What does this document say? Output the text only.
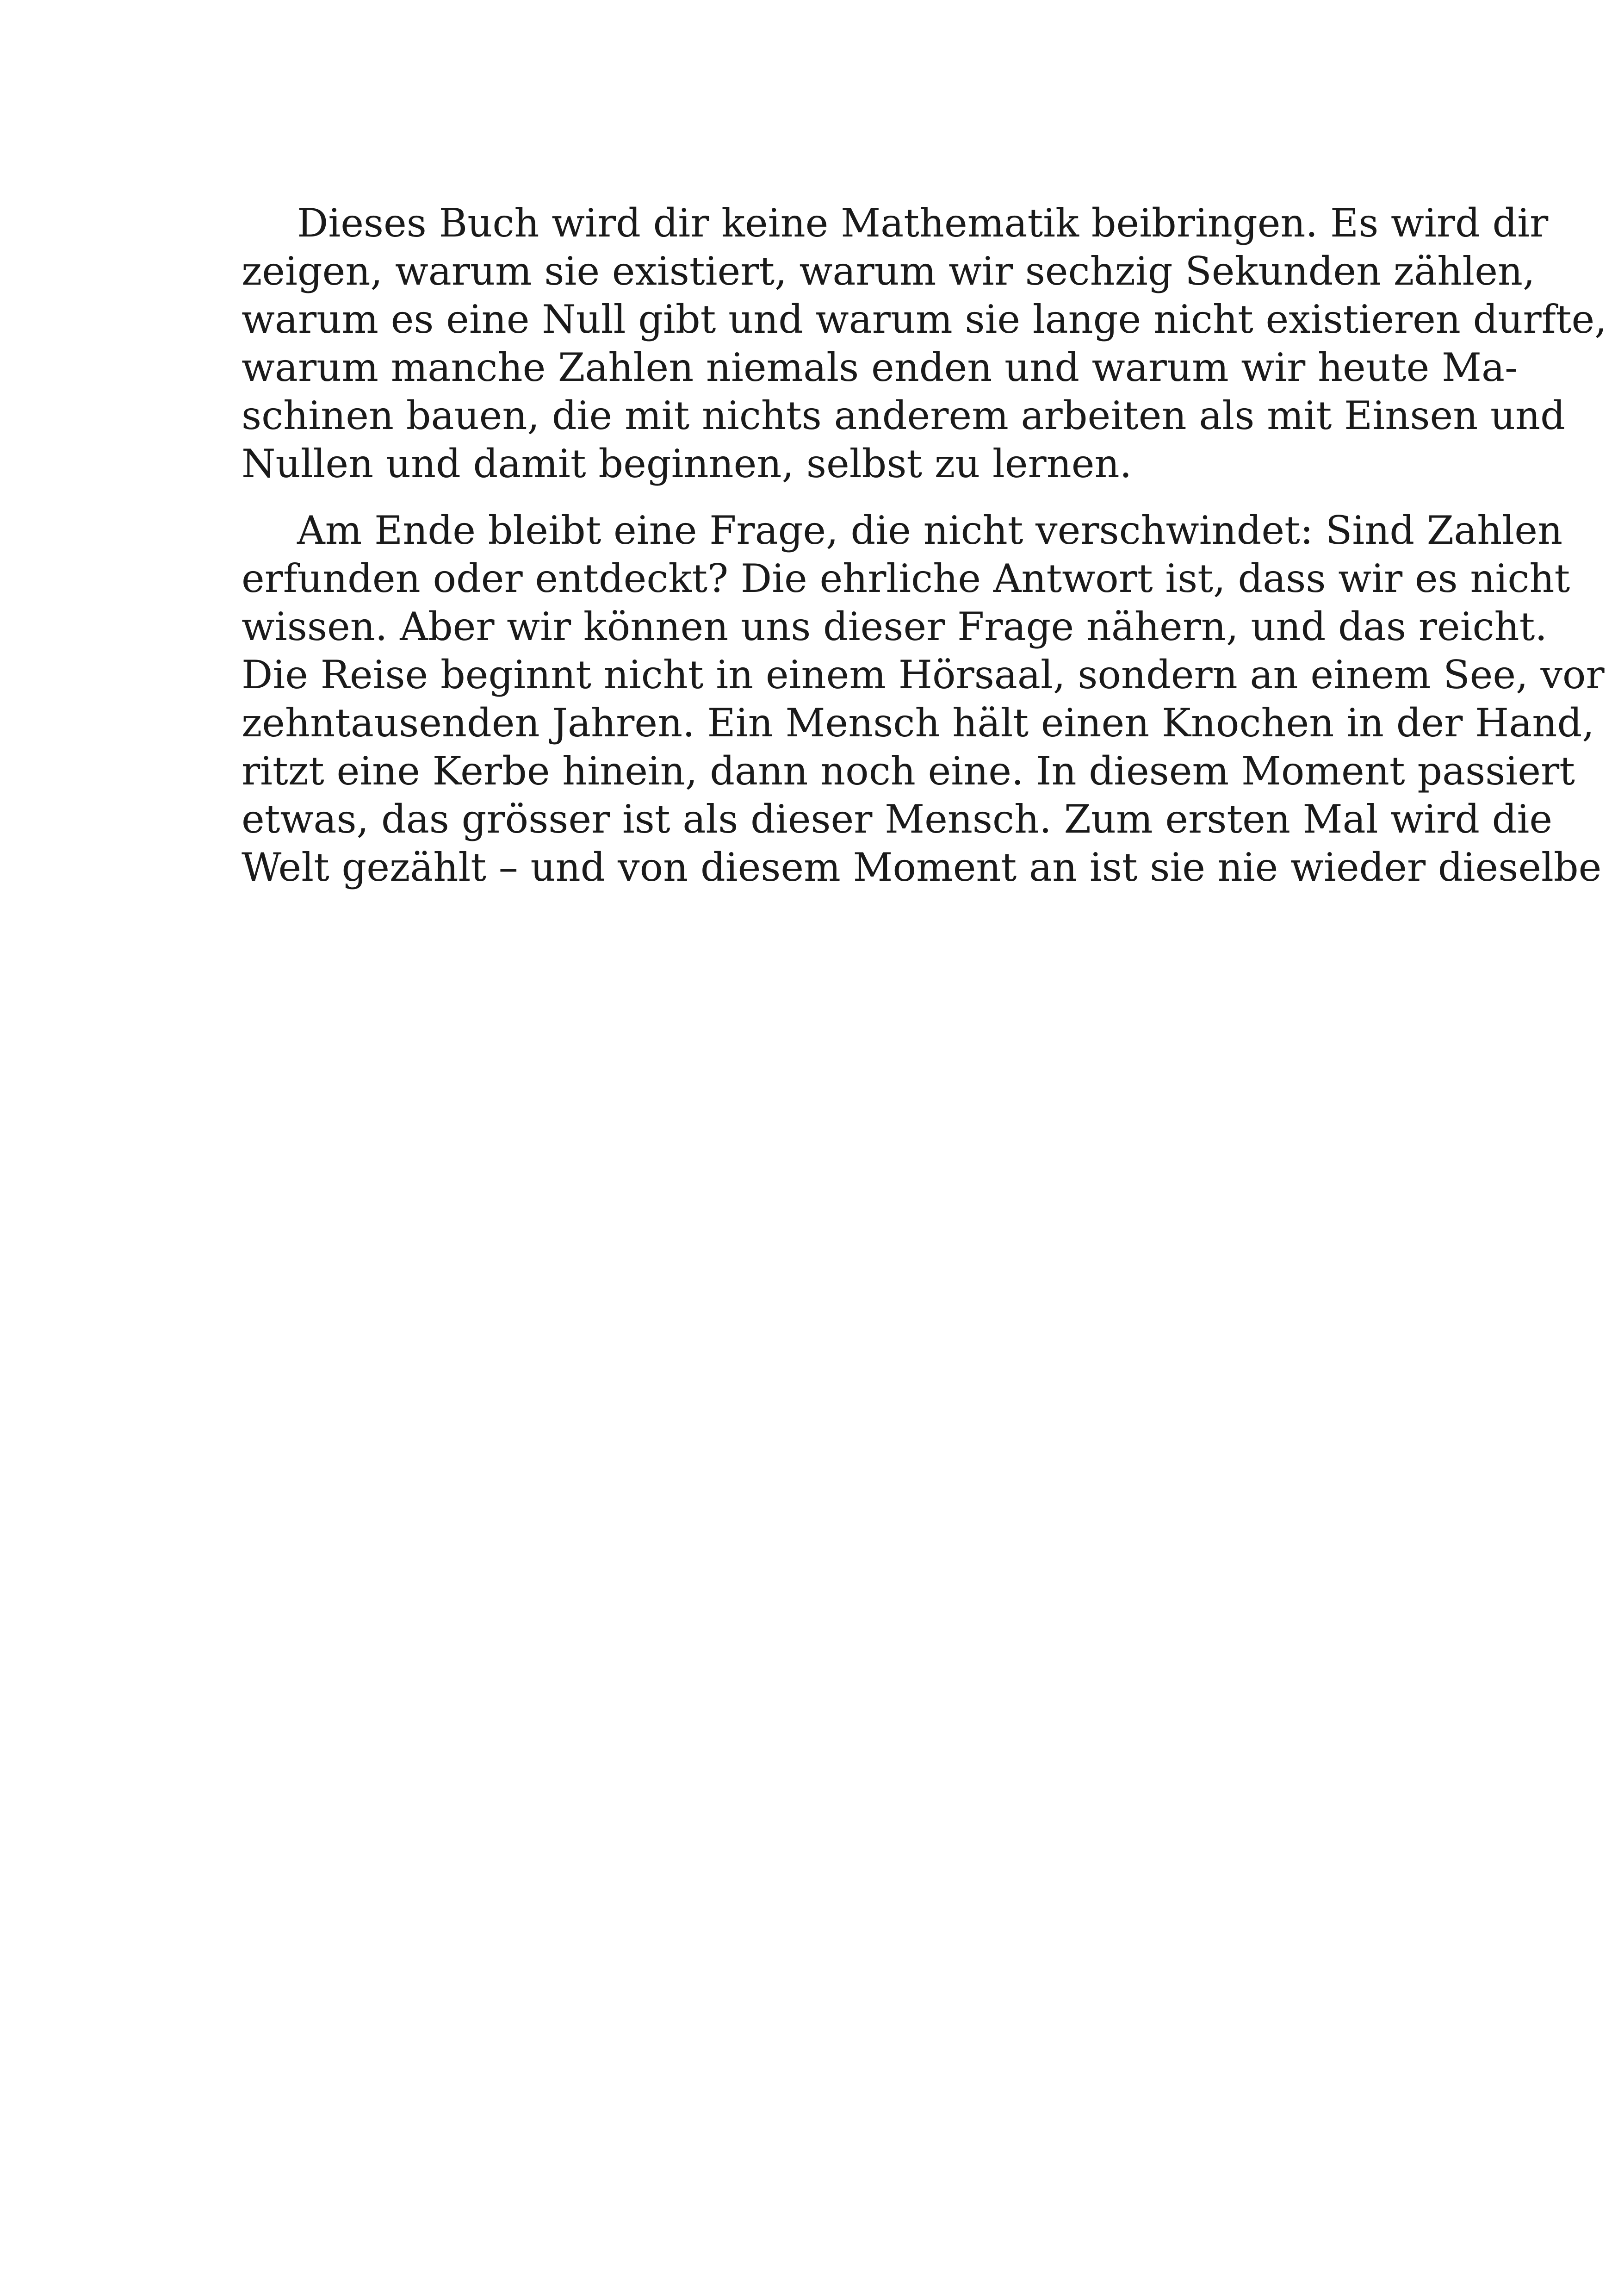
Dieses Buch wird dir keine Mathematik beibringen. Es wird dir
zeigen, warum sie existiert, warum wir sechzig Sekunden zählen,
warum es eine Null gibt und warum sie lange nicht existieren durfte,
warum manche Zahlen niemals enden und warum wir heute Ma-
schinen bauen, die mit nichts anderem arbeiten als mit Einsen und
Nullen und damit beginnen, selbst zu lernen.
Am Ende bleibt eine Frage, die nicht verschwindet: Sind Zahlen
erfunden oder entdeckt? Die ehrliche Antwort ist, dass wir es nicht
wissen. Aber wir können uns dieser Frage nähern, und das reicht.
Die Reise beginnt nicht in einem Hörsaal, sondern an einem See, vor
zehntausenden Jahren. Ein Mensch hält einen Knochen in der Hand,
ritzt eine Kerbe hinein, dann noch eine. In diesem Moment passiert
etwas, das grösser ist als dieser Mensch. Zum ersten Mal wird die
Welt gezählt – und von diesem Moment an ist sie nie wieder dieselbe
